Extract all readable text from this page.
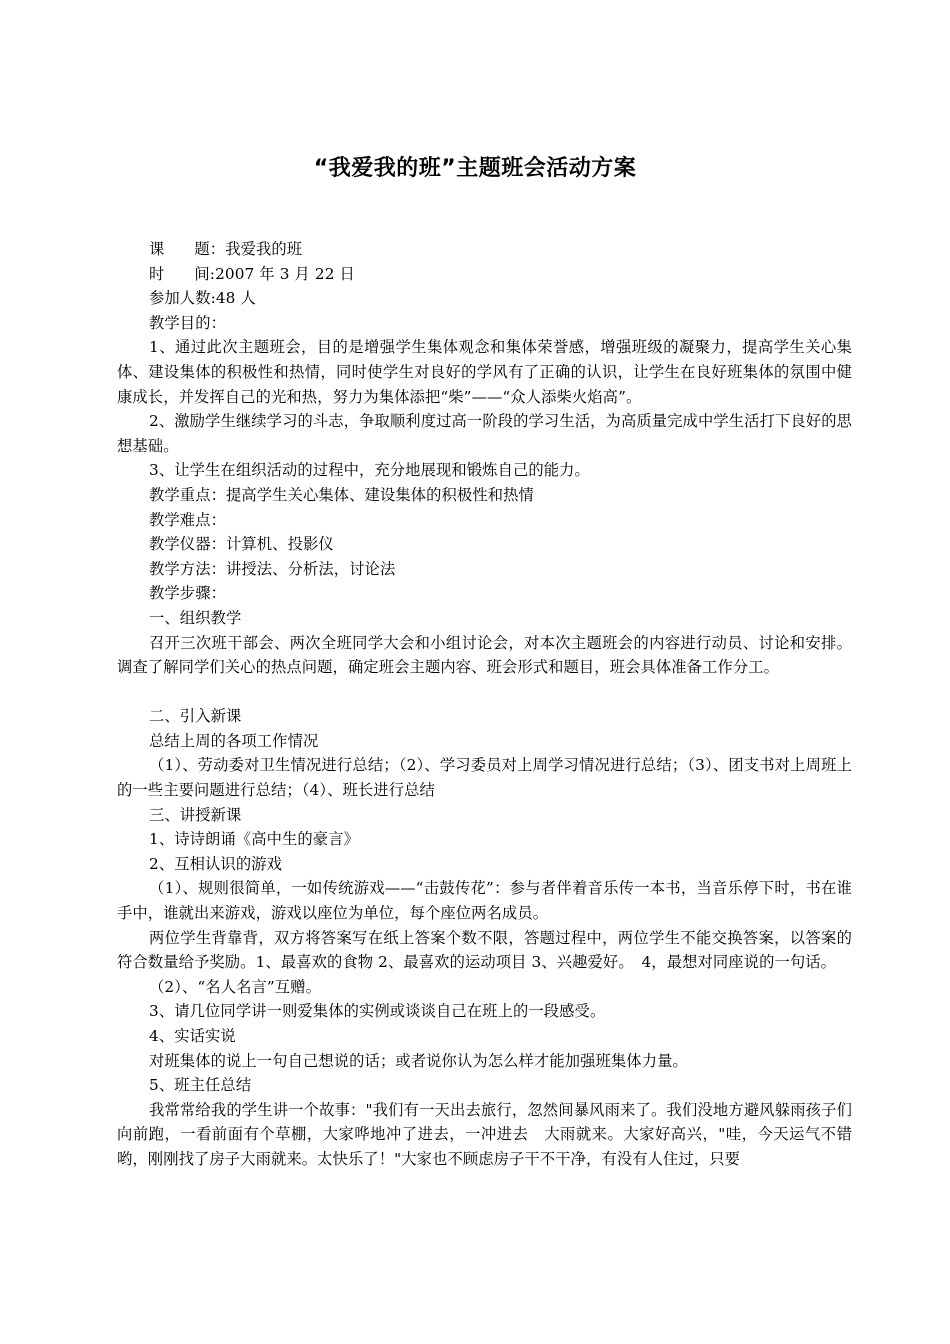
“我爱我的班”主题班会活动方案

课 题：我爱我的班

时 间:2007 年 3 月 22 日

参加人数:48 人

教学目的：

1、通过此次主题班会，目的是增强学生集体观念和集体荣誉感，增强班级的凝聚力，提高学生关心集体、建设集体的积极性和热情，同时使学生对良好的学风有了正确的认识，让学生在良好班集体的氛围中健康成长，并发挥自己的光和热，努力为集体添把“柴”——“众人添柴火焰高”。

2、激励学生继续学习的斗志，争取顺利度过高一阶段的学习生活，为高质量完成中学生活打下良好的思想基础。

3、让学生在组织活动的过程中，充分地展现和锻炼自己的能力。

教学重点：提高学生关心集体、建设集体的积极性和热情

教学难点：

教学仪器：计算机、投影仪

教学方法：讲授法、分析法，讨论法

教学步骤：

一、组织教学

召开三次班干部会、两次全班同学大会和小组讨论会，对本次主题班会的内容进行动员、讨论和安排。调查了解同学们关心的热点问题，确定班会主题内容、班会形式和题目，班会具体准备工作分工。

二、引入新课

总结上周的各项工作情况

（1）、劳动委对卫生情况进行总结；（2）、学习委员对上周学习情况进行总结；（3）、团支书对上周班上的一些主要问题进行总结；（4）、班长进行总结

三、讲授新课

1、诗诗朗诵《高中生的豪言》

2、互相认识的游戏

（1）、规则很简单，一如传统游戏——“击鼓传花”：参与者伴着音乐传一本书，当音乐停下时，书在谁手中，谁就出来游戏，游戏以座位为单位，每个座位两名成员。

两位学生背靠背，双方将答案写在纸上答案个数不限，答题过程中，两位学生不能交换答案，以答案的符合数量给予奖励。1、最喜欢的食物 2、最喜欢的运动项目 3、兴趣爱好。　4，最想对同座说的一句话。

（2）、“名人名言”互赠。

3、请几位同学讲一则爱集体的实例或谈谈自己在班上的一段感受。

4、实话实说

对班集体的说上一句自己想说的话；或者说你认为怎么样才能加强班集体力量。

5、班主任总结

我常常给我的学生讲一个故事："我们有一天出去旅行，忽然间暴风雨来了。我们没地方避风躲雨孩子们向前跑，一看前面有个草棚，大家哗地冲了进去，一冲进去　大雨就来。大家好高兴，"哇，今天运气不错哟，刚刚找了房子大雨就来。太快乐了！"大家也不顾虑房子干不干净，有没有人住过，只要
